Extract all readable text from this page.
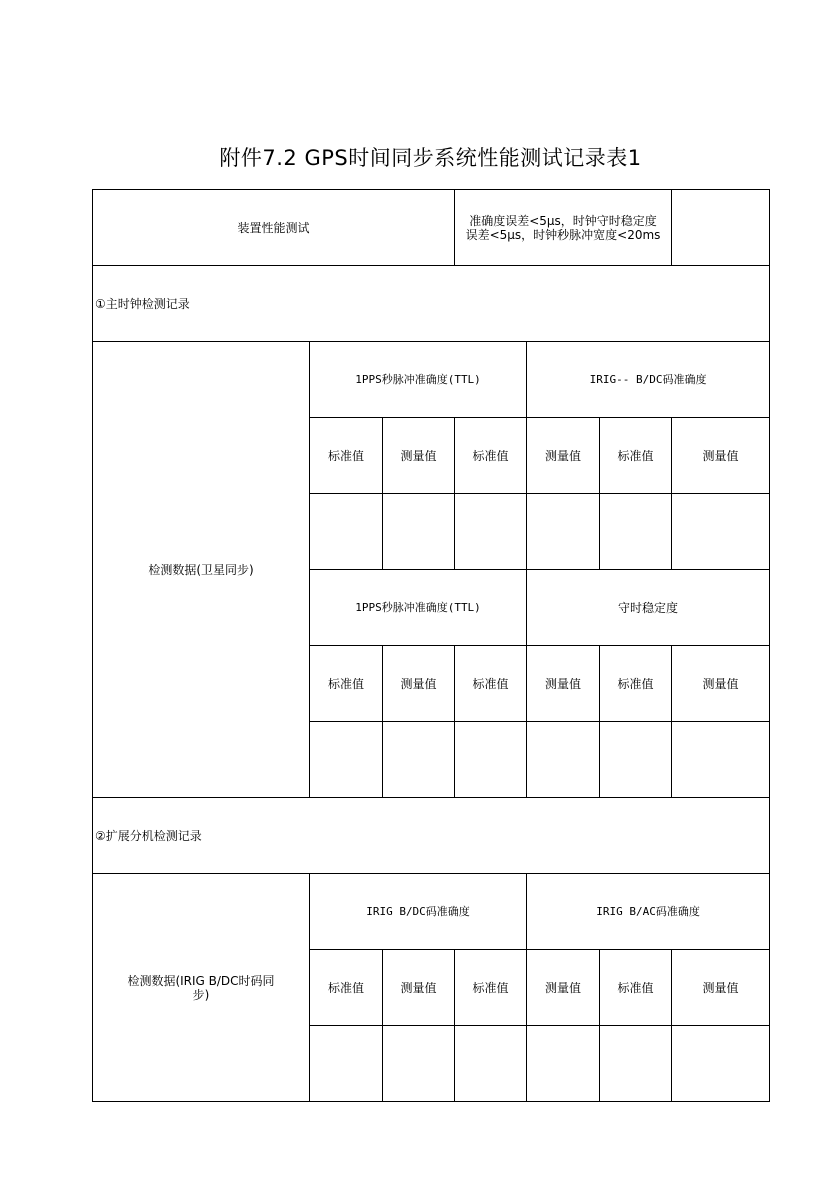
附件7.2 GPS时间同步系统性能测试记录表1
装置性能测试			准确度误差<5μs，时钟守时稳定度误差<5μs，时钟秒脉冲宽度<20ms			
①主时钟检测记录						
检测数据(卫星同步)	1PPS秒脉冲准确度(TTL)			IRIG-- B/DC码准确度		
	标准值	测量值	标准值	测量值	标准值	测量值

	1PPS秒脉冲准确度(TTL)			守时稳定度		
	标准值	测量值	标准值	测量值	标准值	测量值

②扩展分机检测记录						
检测数据(IRIG B/DC时码同步)	IRIG B/DC码准确度			IRIG B/AC码准确度		
	标准值	测量值	标准值	测量值	标准值	测量值
